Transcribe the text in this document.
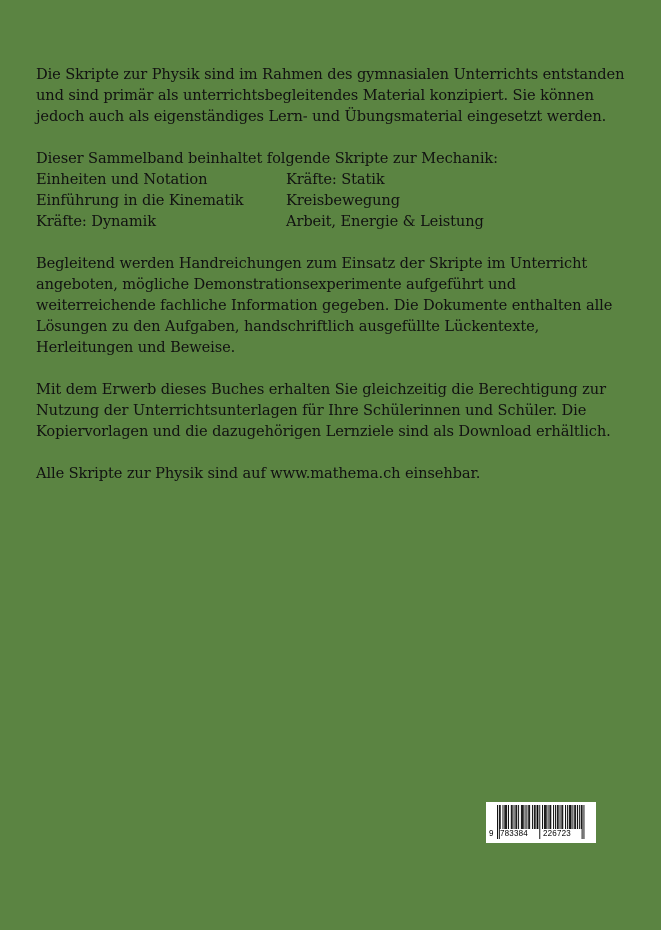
Die Skripte zur Physik sind im Rahmen des gymnasialen Unterrichts entstanden und sind primär als unterrichtsbegleitendes Material konzipiert. Sie können jedoch auch als eigenständiges Lern- und Übungsmaterial eingesetzt werden.

Dieser Sammelband beinhaltet folgende Skripte zur Mechanik:

Einheiten und Notation	Kräfte: Statik
Einführung in die Kinematik	Kreisbewegung
Kräfte: Dynamik	Arbeit, Energie & Leistung

Begleitend werden Handreichungen zum Einsatz der Skripte im Unterricht angeboten, mögliche Demonstrationsexperimente aufgeführt und weiterreichende fachliche Information gegeben. Die Dokumente enthalten alle Lösungen zu den Aufgaben, handschriftlich ausgefüllte Lückentexte, Herleitungen und Beweise.

Mit dem Erwerb dieses Buches erhalten Sie gleichzeitig die Berechtigung zur Nutzung der Unterrichtsunterlagen für Ihre Schülerinnen und Schüler. Die Kopiervorlagen und die dazugehörigen Lernziele sind als Download erhältlich.

Alle Skripte zur Physik sind auf www.mathema.ch einsehbar.

9 783384 226723
